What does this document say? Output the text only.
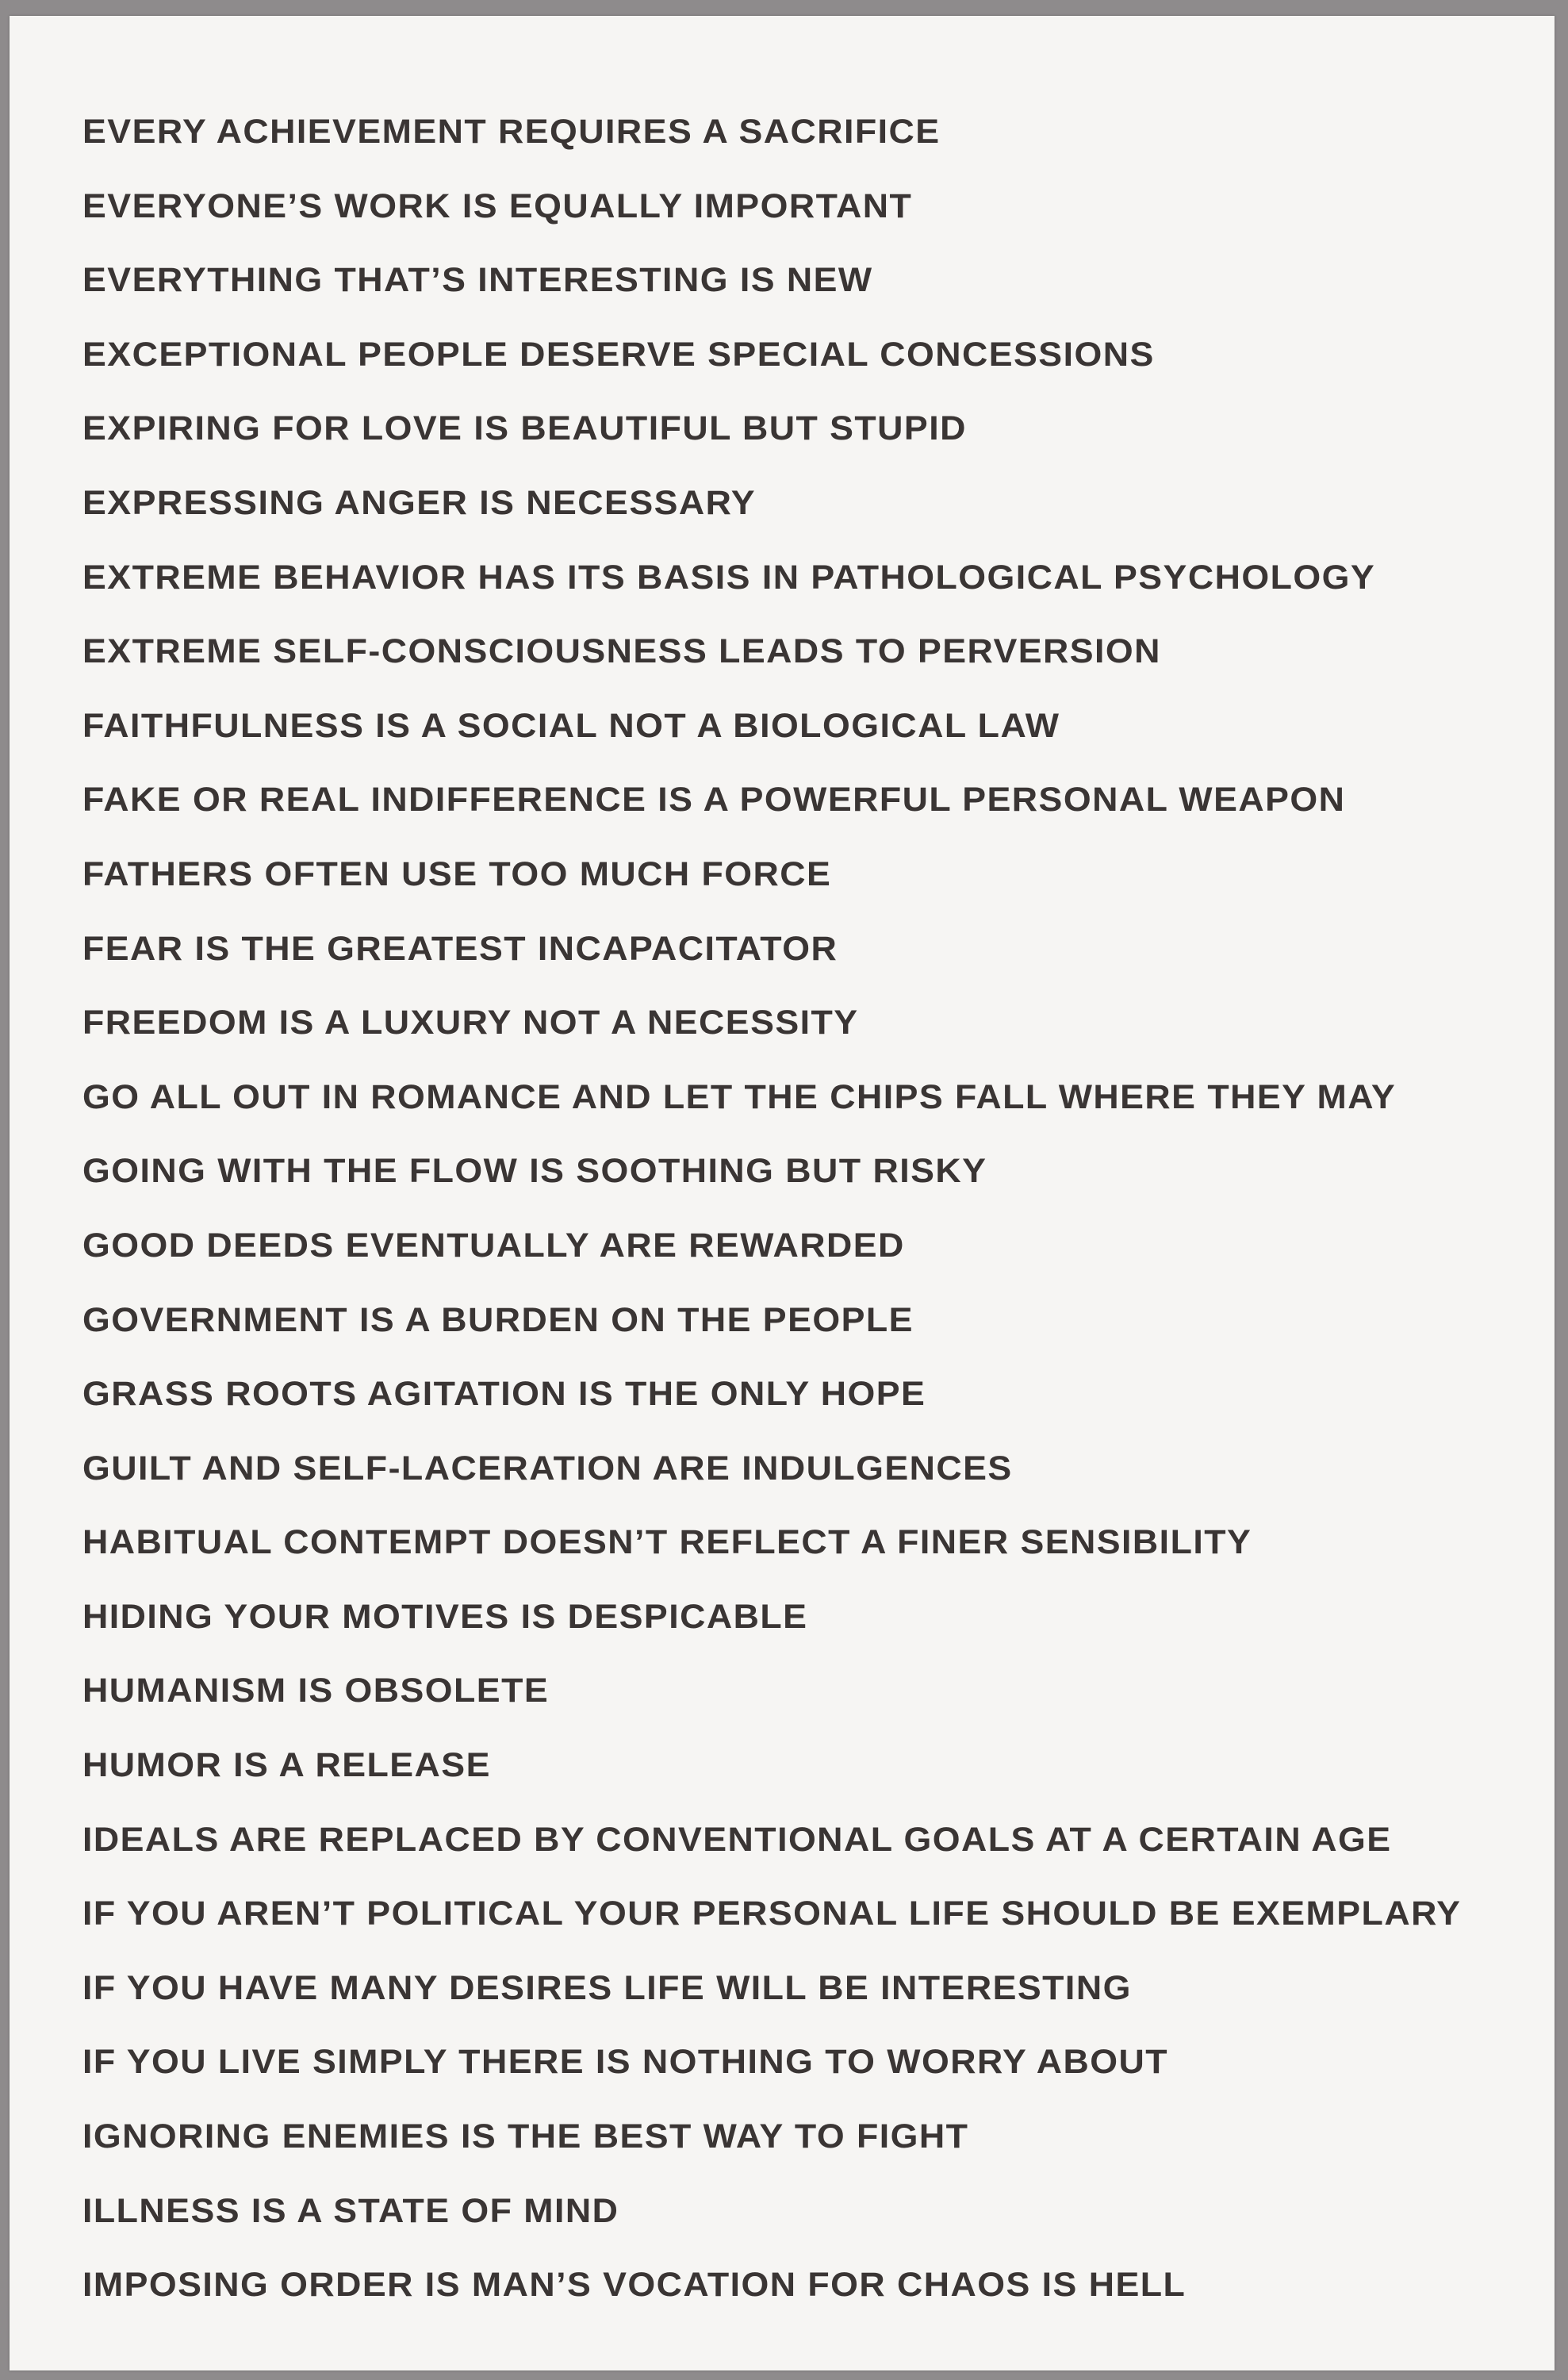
EVERY ACHIEVEMENT REQUIRES A SACRIFICE
EVERYONE’S WORK IS EQUALLY IMPORTANT
EVERYTHING THAT’S INTERESTING IS NEW
EXCEPTIONAL PEOPLE DESERVE SPECIAL CONCESSIONS
EXPIRING FOR LOVE IS BEAUTIFUL BUT STUPID
EXPRESSING ANGER IS NECESSARY
EXTREME BEHAVIOR HAS ITS BASIS IN PATHOLOGICAL PSYCHOLOGY
EXTREME SELF-CONSCIOUSNESS LEADS TO PERVERSION
FAITHFULNESS IS A SOCIAL NOT A BIOLOGICAL LAW
FAKE OR REAL INDIFFERENCE IS A POWERFUL PERSONAL WEAPON
FATHERS OFTEN USE TOO MUCH FORCE
FEAR IS THE GREATEST INCAPACITATOR
FREEDOM IS A LUXURY NOT A NECESSITY
GO ALL OUT IN ROMANCE AND LET THE CHIPS FALL WHERE THEY MAY
GOING WITH THE FLOW IS SOOTHING BUT RISKY
GOOD DEEDS EVENTUALLY ARE REWARDED
GOVERNMENT IS A BURDEN ON THE PEOPLE
GRASS ROOTS AGITATION IS THE ONLY HOPE
GUILT AND SELF-LACERATION ARE INDULGENCES
HABITUAL CONTEMPT DOESN’T REFLECT A FINER SENSIBILITY
HIDING YOUR MOTIVES IS DESPICABLE
HUMANISM IS OBSOLETE
HUMOR IS A RELEASE
IDEALS ARE REPLACED BY CONVENTIONAL GOALS AT A CERTAIN AGE
IF YOU AREN’T POLITICAL YOUR PERSONAL LIFE SHOULD BE EXEMPLARY
IF YOU HAVE MANY DESIRES LIFE WILL BE INTERESTING
IF YOU LIVE SIMPLY THERE IS NOTHING TO WORRY ABOUT
IGNORING ENEMIES IS THE BEST WAY TO FIGHT
ILLNESS IS A STATE OF MIND
IMPOSING ORDER IS MAN’S VOCATION FOR CHAOS IS HELL
